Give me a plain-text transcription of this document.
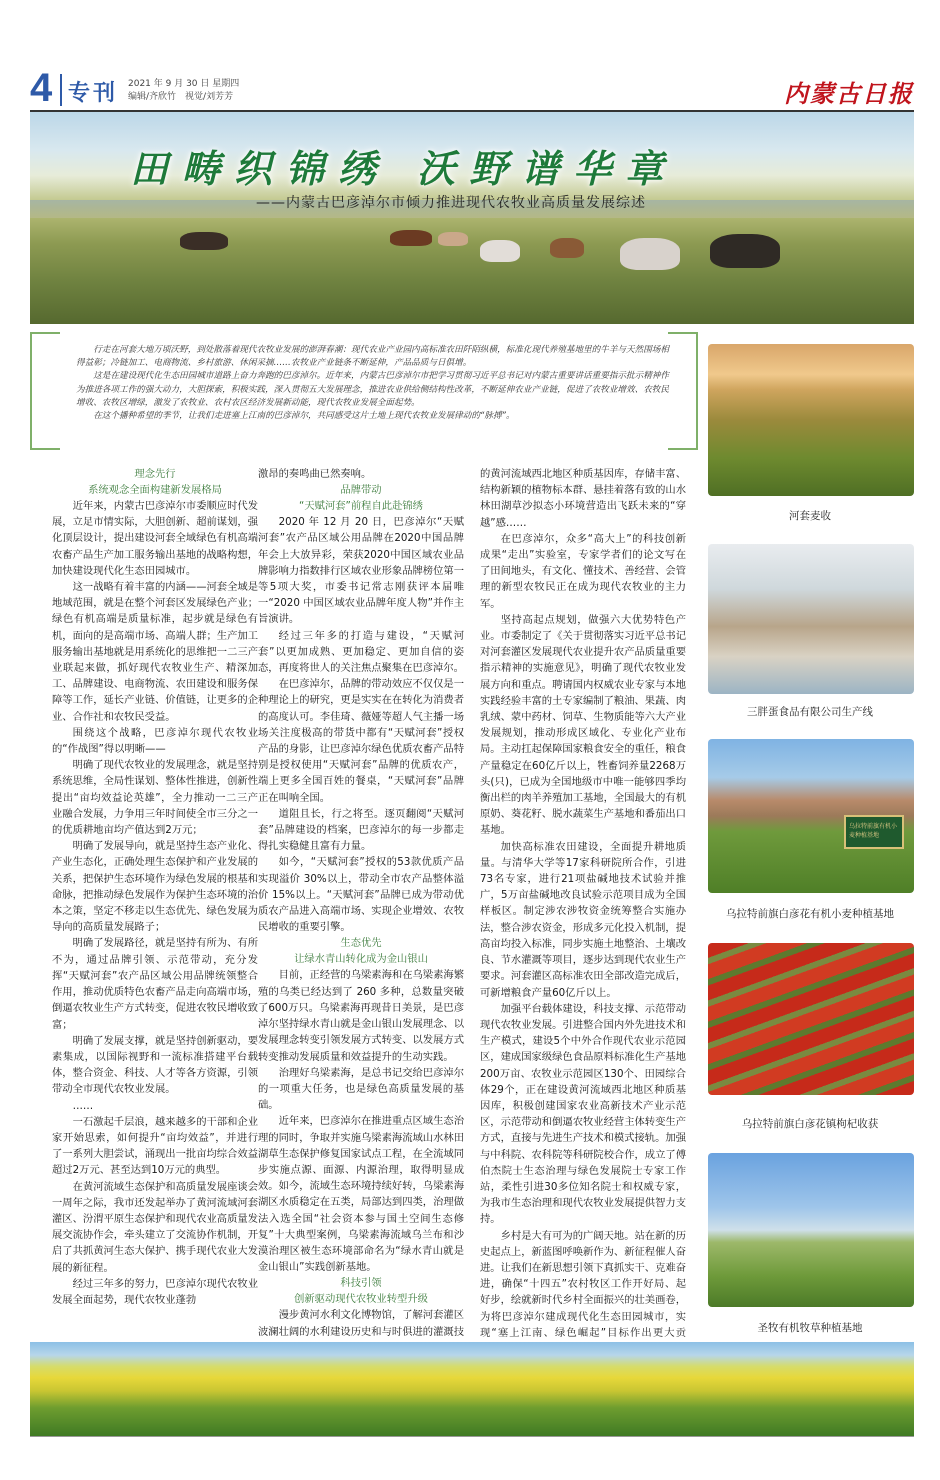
4 专刊 2021 年 9 月 30 日 星期四
编辑/齐欣竹　视觉/刘芳芳	内蒙古日报
田畴织锦绣 沃野谱华章
——内蒙古巴彦淖尔市倾力推进现代农牧业高质量发展综述

行走在河套大地万顷沃野，到处散落着现代农牧业发展的澎湃春潮：现代农业产业园内高标准农田阡陌纵横，标准化现代养殖基地里的牛羊与天然围场相得益彰；冷链加工、电商物流、乡村旅游、休闲采摘……农牧业产业链条不断延伸，产品品质与日俱增。

这是在建设现代化生态田园城市道路上奋力奔跑的巴彦淖尔。近年来，内蒙古巴彦淖尔市把学习贯彻习近平总书记对内蒙古重要讲话重要指示批示精神作为推进各项工作的强大动力，大胆探索，积极实践，深入贯彻五大发展理念，推进农业供给侧结构性改革，不断延伸农业产业链，促进了农牧业增效、农牧民增收、农牧区增绿，激发了农牧业、农村农区经济发展新动能，现代农牧业发展全面起势。

在这个播种希望的季节，让我们走进塞上江南的巴彦淖尔，共同感受这片土地上现代农牧业发展律动的“脉搏”。

理念先行

系统观念全面构建新发展格局

近年来，内蒙古巴彦淖尔市委顺应时代发展，立足市情实际，大胆创新、超前谋划，强化顶层设计，提出建设河套全域绿色有机高端农畜产品生产加工服务输出基地的战略构想，加快建设现代化生态田园城市。

这一战略有着丰富的内涵——河套全域是地域范围，就是在整个河套区发展绿色产业；绿色有机高端是质量标准，起步就是绿色有机，面向的是高端市场、高端人群；生产加工服务输出基地就是用系统化的思维把一二三产业联起来做，抓好现代农牧业生产、精深加工、品牌建设、电商物流、农田建设和服务保障等工作，延长产业链、价值链，让更多的企业、合作社和农牧民受益。

围绕这个战略，巴彦淖尔现代农牧业的“作战图”得以明晰——

明确了现代农牧业的发展理念，就是坚持系统思维，全局性谋划、整体性推进，创新性提出“亩均效益论英雄”，全力推动一二三产业融合发展，力争用三年时间使全市三分之一的优质耕地亩均产值达到2万元；

明确了发展导向，就是坚持生态产业化、产业生态化，正确处理生态保护和产业发展的关系，把保护生态环境作为绿色发展的根基和命脉，把推动绿色发展作为保护生态环境的治本之策，坚定不移走以生态优先、绿色发展为导向的高质量发展路子；

明确了发展路径，就是坚持有所为、有所不为，通过品牌引领、示范带动，充分发挥“天赋河套”农产品区域公用品牌统领整合作用，推动优质特色农畜产品走向高端市场，倒逼农牧业生产方式转变，促进农牧民增收致富；

明确了发展支撑，就是坚持创新驱动，要素集成，以国际视野和一流标准搭建平台载体，整合资金、科技、人才等各方资源，引领带动全市现代农牧业发展。

……

一石激起千层浪，越来越多的干部和企业家开始思索，如何提升“亩均效益”，并进行了一系列大胆尝试，涌现出一批亩均综合效益超过2万元、甚至达到10万元的典型。

在黄河流域生态保护和高质量发展座谈会一周年之际，我市还发起举办了黄河流域河套灌区、汾渭平原生态保护和现代农业高质量发展交流协作会，牵头建立了交流协作机制，开启了共抓黄河生态大保护、携手现代农业大发展的新征程。

经过三年多的努力，巴彦淖尔现代农牧业发展全面起势，现代农牧业蓬勃

激昂的奏鸣曲已然奏响。

品牌带动

“天赋河套”前程自此赴锦绣

2020 年 12 月 20 日，巴彦淖尔“天赋河套”农产品区域公用品牌在2020中国品牌年会上大放异彩，荣获2020中国区域农业品牌影响力指数排行区域农业形象品牌榜位第一等5项大奖，市委书记常志刚获评本届唯一“2020 中国区域农业品牌年度人物”并作主旨演讲。

经过三年多的打造与建设，“天赋河套”以更加成熟、更加稳定、更加自信的姿态，再度将世人的关注焦点聚集在巴彦淖尔。

在巴彦淖尔，品牌的带动效应不仅仅是一种理论上的研究，更是实实在在转化为消费者的高度认可。李佳琦、薇娅等超人气主播一场场关注度极高的带货中都有“天赋河套”授权产品的身影，让巴彦淖尔绿色优质农畜产品特别是授权使用“天赋河套”品牌的优质农产，端上更多全国百姓的餐桌，“天赋河套”品牌正在叫响全国。

道阻且长，行之将至。逐页翻阅“天赋河套”品牌建设的档案，巴彦淖尔的每一步都走得扎实稳健且富有力量。

如今，“天赋河套”授权的53款优质产品实现溢价 30%以上，带动全市农产品整体溢价 15%以上。“天赋河套”品牌已成为带动优质农产品进入高端市场、实现企业增效、农牧民增收的重要引擎。

生态优先

让绿水青山转化成为金山银山

目前，正经营的乌梁素海和在乌梁素海繁殖的乌类已经达到了 260 多种，总数量突破了600万只。乌梁素海再现昔日美景，是巴彦淖尔坚持绿水青山就是金山银山发展理念、以发展理念转变引领发展方式转变、以发展方式转变推动发展质量和效益提升的生动实践。

治理好乌梁素海，是总书记交给巴彦淖尔的一项重大任务，也是绿色高质量发展的基础。

近年来，巴彦淖尔在推进重点区域生态治理的同时，争取并实施乌梁素海流域山水林田湖草生态保护修复国家试点工程，在全流域同步实施点源、面源、内源治理，取得明显成效。如今，流域生态环境持续好转，乌梁素海湖区水质稳定在五类，局部达到四类，治理做法入选全国“社会资本参与国土空间生态修复”十大典型案例，乌梁素海流域乌兰布和沙漠治理区被生态环境部命名为“绿水青山就是金山银山”实践创新基地。

科技引领

创新驱动现代农牧业转型升级

漫步黄河水利文化博物馆，了解河套灌区波澜壮阔的水利建设历史和与时俱进的灌溉技

的黄河流域西北地区种质基因库，存储丰富、结构新颖的植物标本群、悬挂着落有致的山水林田湖草沙拟态小环境营造出飞跃未来的“穿越”感……

在巴彦淖尔，众多“高大上”的科技创新成果“走出”实验室，专家学者们的论文写在了田间地头，有文化、懂技术、善经营、会管理的新型农牧民正在成为现代农牧业的主力军。

坚持高起点规划，做强六大优势特色产业。市委制定了《关于贯彻落实习近平总书记对河套灌区发展现代农业提升农产品质量重要指示精神的实施意见》，明确了现代农牧业发展方向和重点。聘请国内权威农业专家与本地实践经验丰富的土专家编制了粮油、果蔬、肉乳绒、蒙中药材、饲草、生物质能等六大产业发展规划，推动形成区域化、专业化产业布局。主动扛起保障国家粮食安全的重任，粮食产量稳定在60亿斤以上，牲畜饲养量2268万头(只)，已成为全国地级市中唯一能够四季均衡出栏的肉羊养殖加工基地，全国最大的有机原奶、葵花籽、脱水蔬菜生产基地和番茄出口基地。

加快高标准农田建设，全面提升耕地质量。与清华大学等17家科研院所合作，引进73名专家，进行21项盐碱地技术试验并推广，5万亩盐碱地改良试验示范项目成为全国样板区。制定涉农涉牧资金统筹整合实施办法，整合涉农资金，形成多元化投入机制，提高亩均投入标准，同步实施土地整治、土壤改良、节水灌溉等项目，逐步达到现代农业生产要求。河套灌区高标准农田全部改造完成后，可新增粮食产量60亿斤以上。

加强平台载体建设，科技支撑、示范带动现代农牧业发展。引进整合国内外先进技术和生产模式，建设5个中外合作现代农业示范园区，建成国家级绿色食品原料标准化生产基地200万亩、农牧业示范园区130个、田园综合体29个，正在建设黄河流域西北地区种质基因库，积极创建国家农业高新技术产业示范区，示范带动和倒逼农牧业经营主体转变生产方式，直接与先进生产技术和模式接轨。加强与中科院、农科院等科研院校合作，成立了傅伯杰院士生态治理与绿色发展院士专家工作站，柔性引进30多位知名院士和权威专家，为我市生态治理和现代农牧业发展提供智力支持。

乡村是大有可为的广阔天地。站在新的历史起点上，新蓝图呼唤新作为、新征程催人奋进。让我们在新思想引领下真抓实干、克难奋进，确保“十四五”农村牧区工作开好局、起好步，绘就新时代乡村全面振兴的壮美画卷，为将巴彦淖尔建成现代化生态田园城市，实现“塞上江南、绿色崛起”目标作出更大贡

河套麦收
三胖蛋食品有限公司生产线
乌拉特前旗有机小麦种植基地
乌拉特前旗白彦花有机小麦种植基地
乌拉特前旗白彦花镇枸杞收获
圣牧有机牧草种植基地
